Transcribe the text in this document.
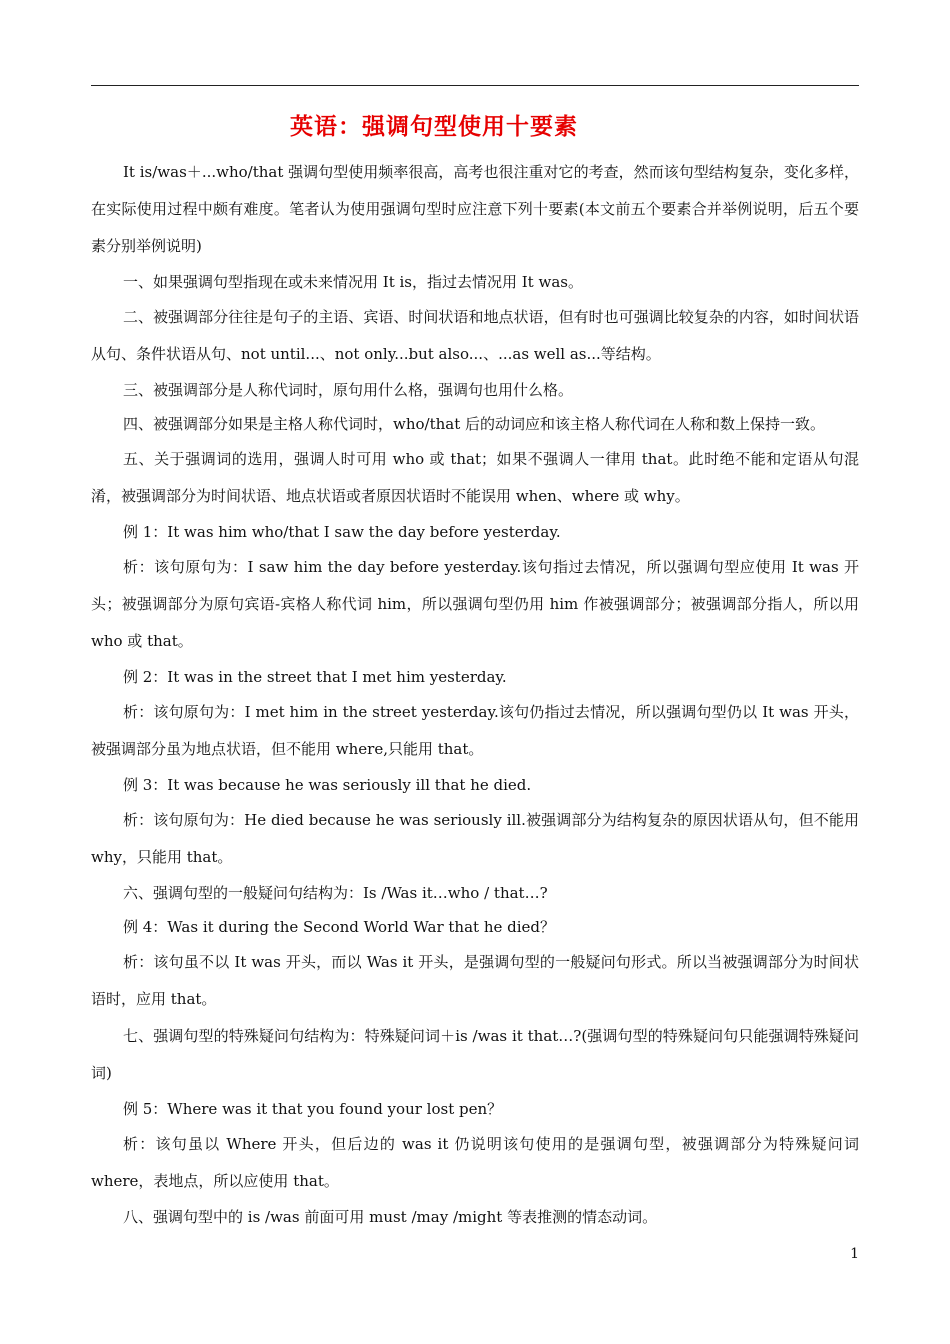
英语：强调句型使用十要素

It is/was＋...who/that 强调句型使用频率很高，高考也很注重对它的考查，然而该句型结构复杂，变化多样，在实际使用过程中颇有难度。笔者认为使用强调句型时应注意下列十要素(本文前五个要素合并举例说明，后五个要素分别举例说明)

一、如果强调句型指现在或未来情况用 It is，指过去情况用 It was。

二、被强调部分往往是句子的主语、宾语、时间状语和地点状语，但有时也可强调比较复杂的内容，如时间状语从句、条件状语从句、not until...、not only...but also...、...as well as...等结构。

三、被强调部分是人称代词时，原句用什么格，强调句也用什么格。

四、被强调部分如果是主格人称代词时，who/that 后的动词应和该主格人称代词在人称和数上保持一致。

五、关于强调词的选用，强调人时可用 who 或 that；如果不强调人一律用 that。此时绝不能和定语从句混淆，被强调部分为时间状语、地点状语或者原因状语时不能误用 when、where 或 why。

例 1：It was him who/that I saw the day before yesterday.

析：该句原句为：I saw him the day before yesterday.该句指过去情况，所以强调句型应使用 It was 开头；被强调部分为原句宾语-宾格人称代词 him，所以强调句型仍用 him 作被强调部分；被强调部分指人，所以用 who 或 that。

例 2：It was in the street that I met him yesterday.

析：该句原句为：I met him in the street yesterday.该句仍指过去情况，所以强调句型仍以 It was 开头，被强调部分虽为地点状语，但不能用 where,只能用 that。

例 3：It was because he was seriously ill that he died.

析：该句原句为：He died because he was seriously ill.被强调部分为结构复杂的原因状语从句，但不能用 why，只能用 that。

六、强调句型的一般疑问句结构为：Is /Was it…who / that…?

例 4：Was it during the Second World War that he died？

析：该句虽不以 It was 开头，而以 Was it 开头，是强调句型的一般疑问句形式。所以当被强调部分为时间状语时，应用 that。

七、强调句型的特殊疑问句结构为：特殊疑问词＋is /was it that…?(强调句型的特殊疑问句只能强调特殊疑问词)

例 5：Where was it that you found your lost pen？

析：该句虽以 Where 开头，但后边的 was it 仍说明该句使用的是强调句型，被强调部分为特殊疑问词 where，表地点，所以应使用 that。

八、强调句型中的 is /was 前面可用 must /may /might 等表推测的情态动词。

1
